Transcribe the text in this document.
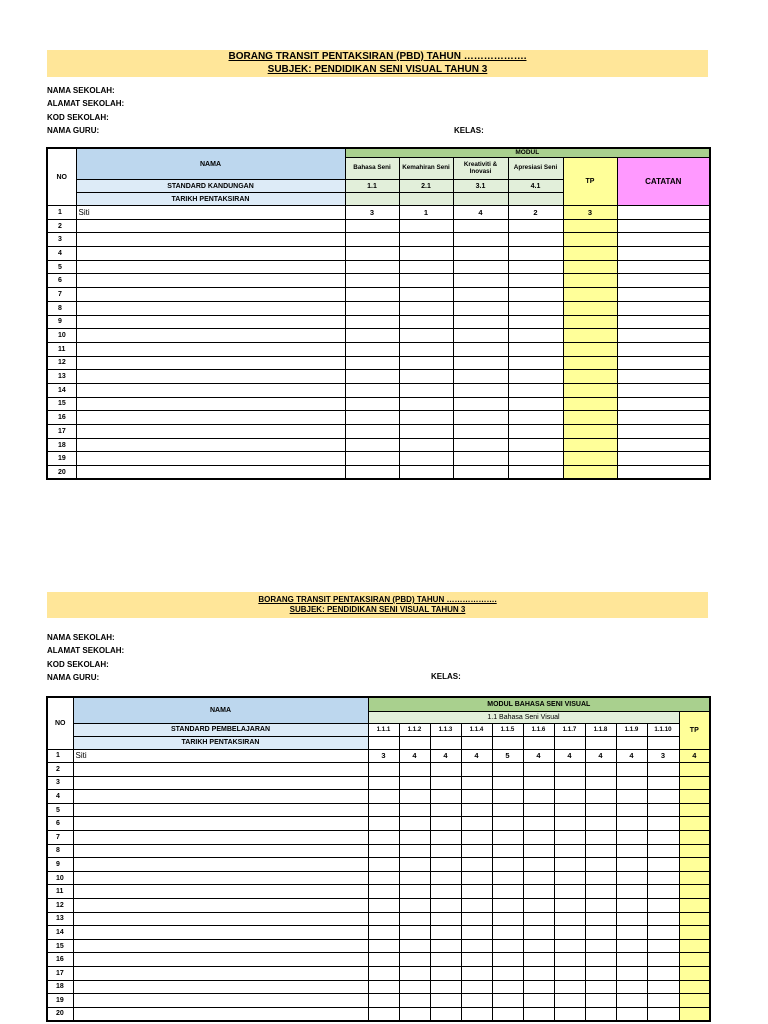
BORANG TRANSIT PENTAKSIRAN (PBD) TAHUN ……………….
SUBJEK: PENDIDIKAN SENI VISUAL TAHUN 3
NAMA SEKOLAH:
ALAMAT SEKOLAH:
KOD SEKOLAH:
NAMA GURU:	KELAS:
NO	NAMA	MODUL					
		Bahasa Seni	Kemahiran Seni	Kreativiti & Inovasi	Apresiasi Seni	TP	CATATAN
	STANDARD KANDUNGAN	1.1	2.1	3.1	4.1		
	TARIKH PENTAKSIRAN						
1	Siti	3	1	4	2	3	
2							
3							
4							
5							
6							
7							
8							
9							
10							
11							
12							
13							
14							
15							
16							
17							
18							
19							
20							
BORANG TRANSIT PENTAKSIRAN (PBD) TAHUN ……………….
SUBJEK: PENDIDIKAN SENI VISUAL TAHUN 3
NAMA SEKOLAH:
ALAMAT SEKOLAH:
KOD SEKOLAH:
NAMA GURU:	KELAS:
NO	NAMA	MODUL BAHASA SENI VISUAL										
		1.1 Bahasa Seni Visual										TP
	STANDARD PEMBELAJARAN	1.1.1	1.1.2	1.1.3	1.1.4	1.1.5	1.1.6	1.1.7	1.1.8	1.1.9	1.1.10	
	TARIKH PENTAKSIRAN											
1	Siti	3	4	4	4	5	4	4	4	4	3	4
2												
3												
4												
5												
6												
7												
8												
9												
10												
11												
12												
13												
14												
15												
16												
17												
18												
19												
20												
